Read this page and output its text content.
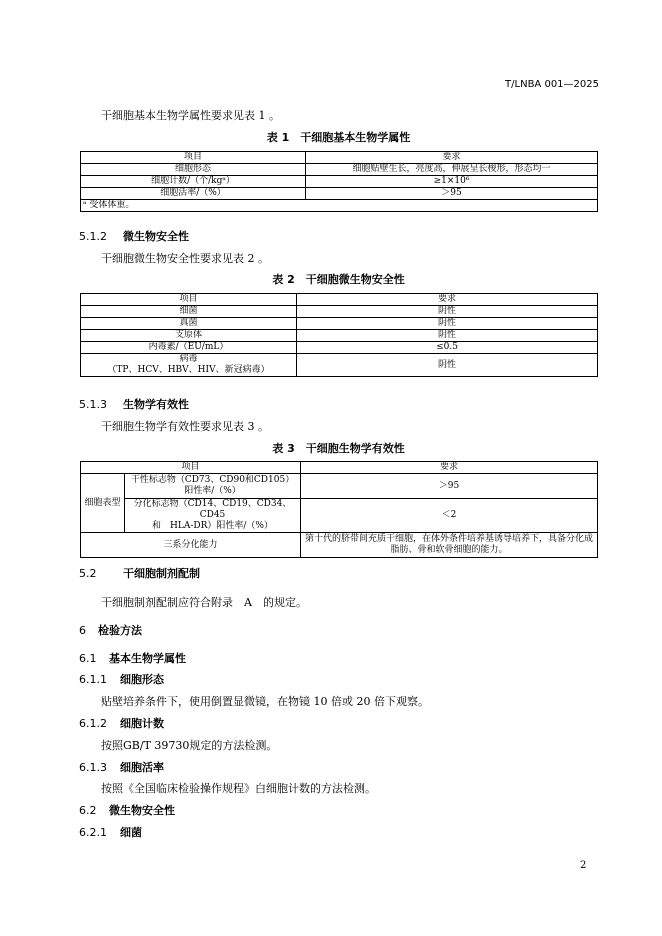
T/LNBA 001—2025
干细胞基本生物学属性要求见表 1 。
表 1　干细胞基本生物学属性
项目	要求
细胞形态	细胞贴壁生长，亮度高，伸展呈长梭形，形态均一
细胞计数/（个/kgᵃ）	≥1×10⁶
细胞活率/（%）	＞95
ᵃ 受体体重。	
5.1.2 微生物安全性
干细胞微生物安全性要求见表 2 。
表 2　干细胞微生物安全性
项目	要求
细菌	阴性
真菌	阴性
支原体	阴性
内毒素/（EU/mL）	≤0.5
病毒
（TP、HCV、HBV、HIV、新冠病毒）	阴性
5.1.3 生物学有效性
干细胞生物学有效性要求见表 3 。
表 3　干细胞生物学有效性
项目		要求
细胞表型	干性标志物（CD73、CD90和CD105）
阳性率/（%）	＞95
	分化标志物（CD14、CD19、CD34、CD45
和　HLA-DR）阳性率/（%）	＜2
三系分化能力		第十代的脐带间充质干细胞，在体外条件培养基诱导培养下，具备分化成脂肪、骨和软骨细胞的能力。
5.2 干细胞制剂配制
干细胞制剂配制应符合附录　A　的规定。
6 检验方法
6.1 基本生物学属性
6.1.1 细胞形态
贴壁培养条件下，使用倒置显微镜，在物镜 10 倍或 20 倍下观察。
6.1.2 细胞计数
按照GB/T 39730规定的方法检测。
6.1.3 细胞活率
按照《全国临床检验操作规程》白细胞计数的方法检测。
6.2 微生物安全性
6.2.1 细菌
2
